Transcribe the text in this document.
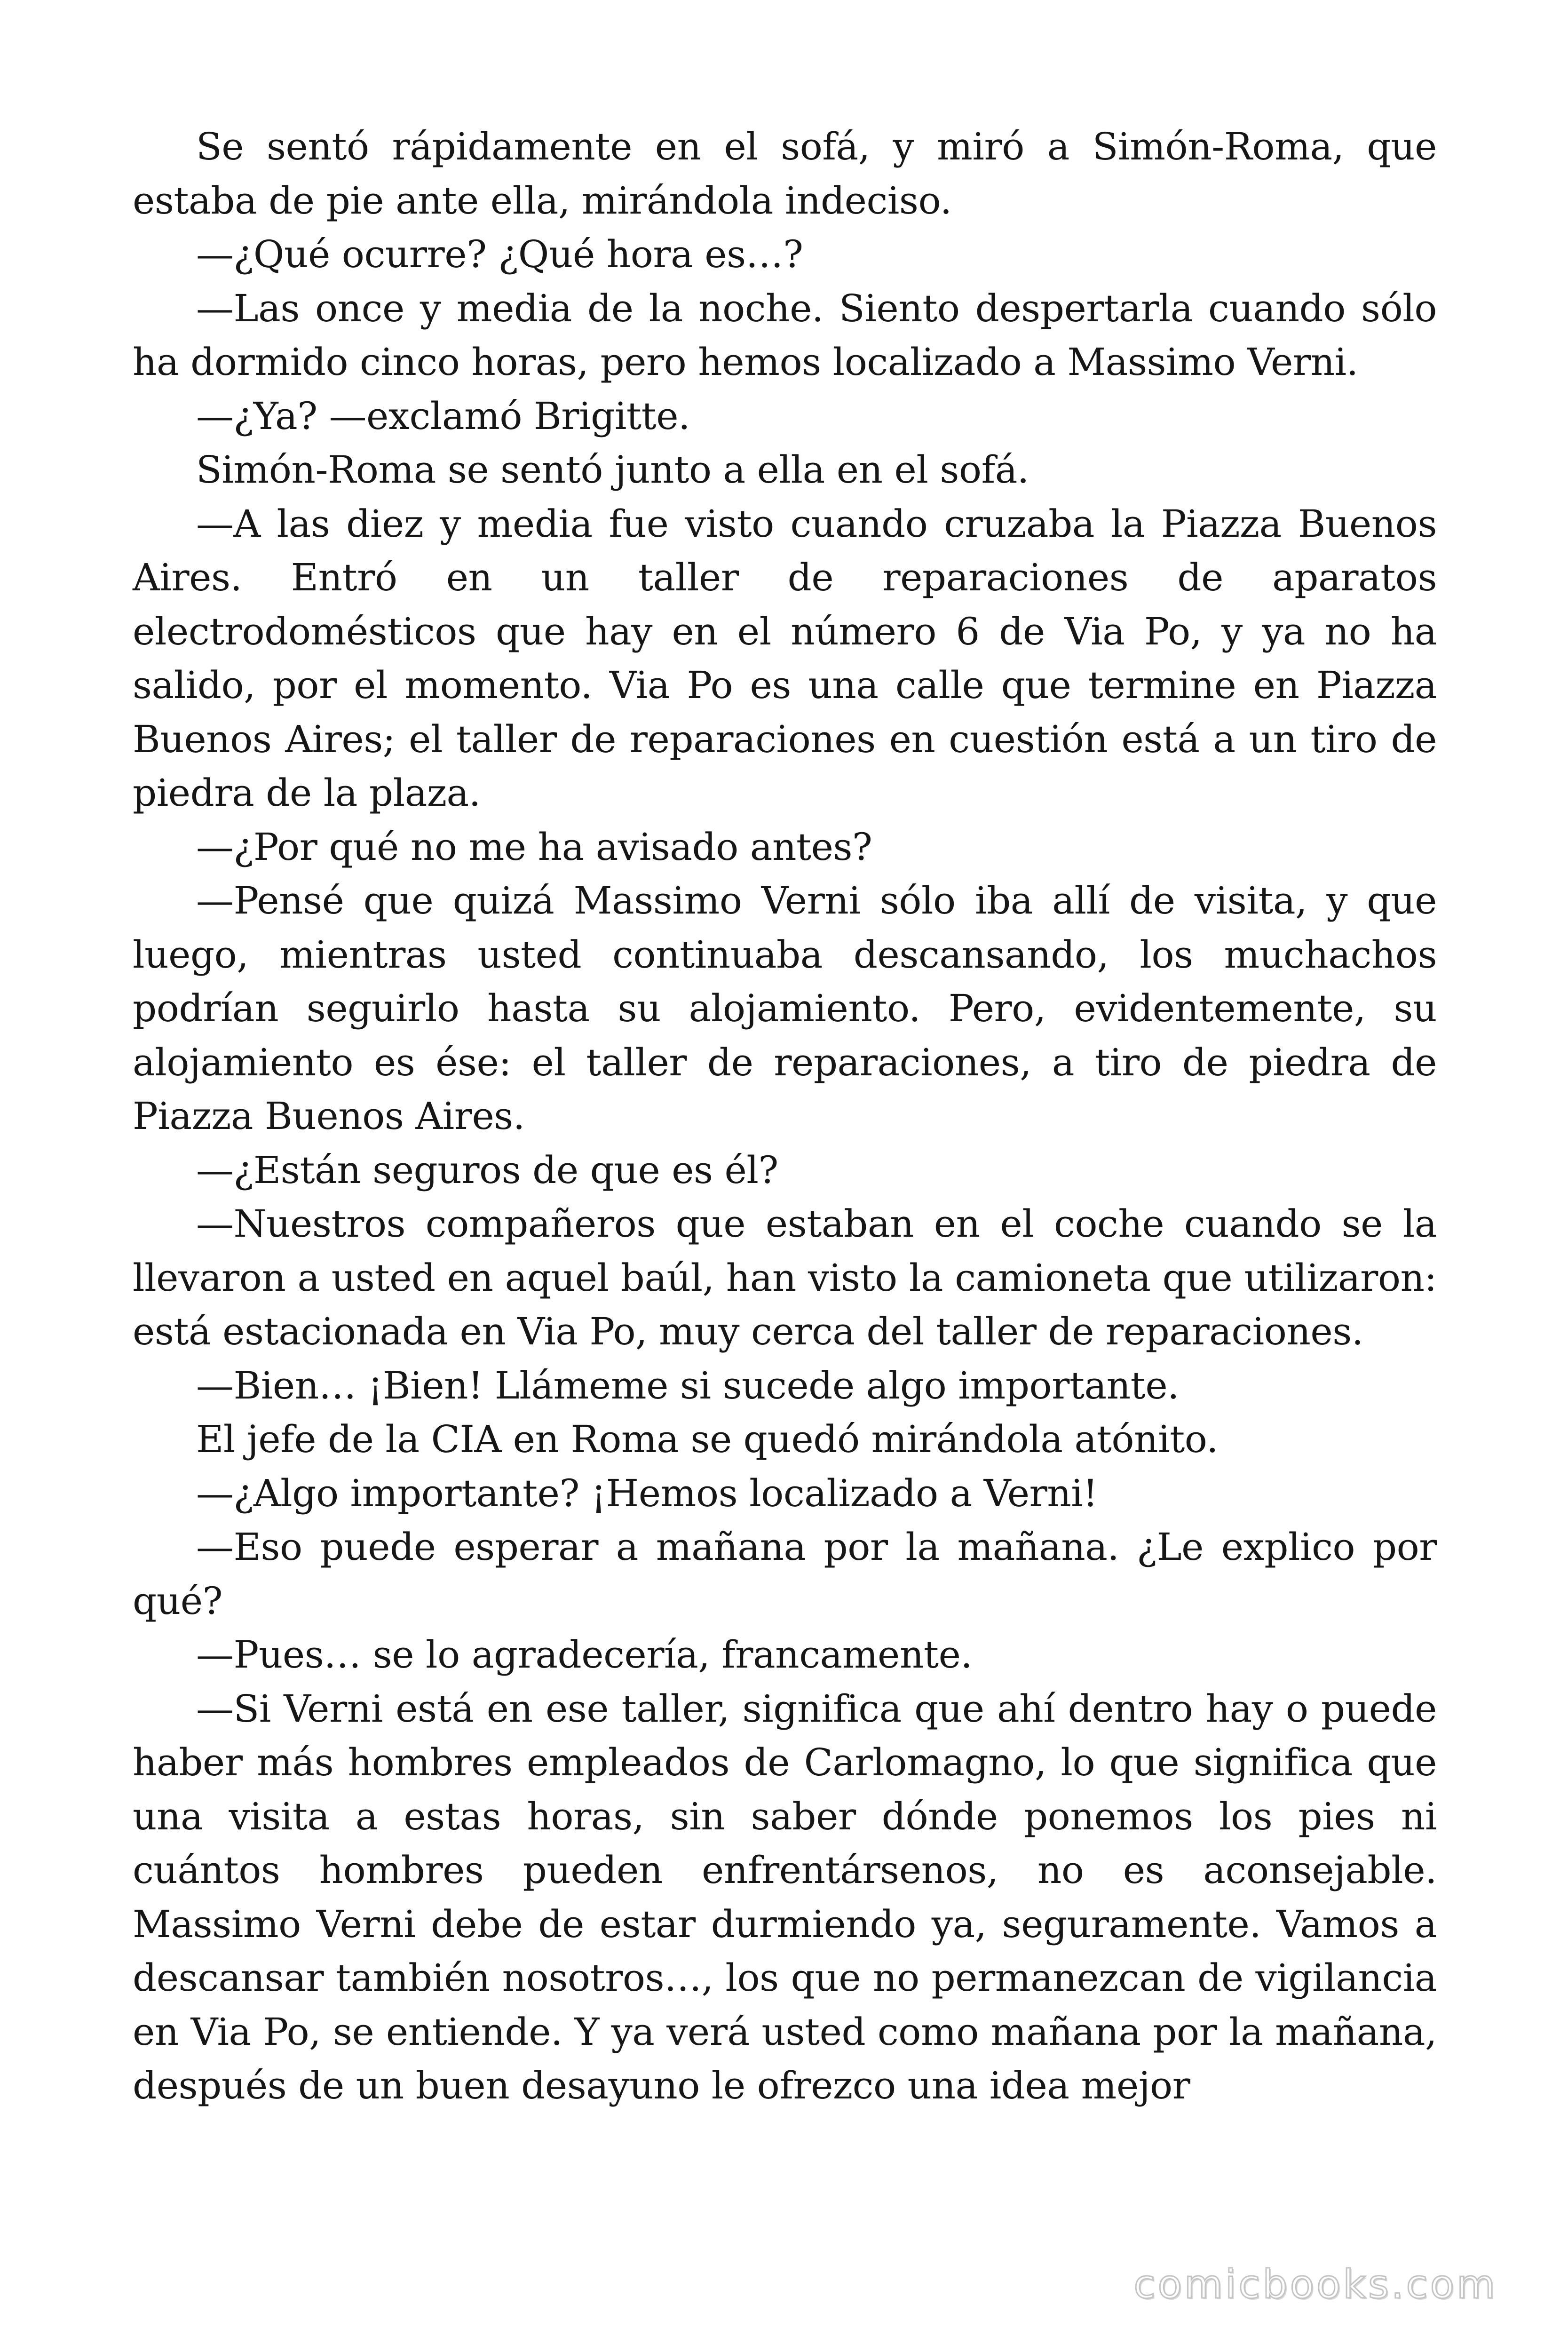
Se sentó rápidamente en el sofá, y miró a Simón-Roma, que estaba de pie ante ella, mirándola indeciso.

—¿Qué ocurre? ¿Qué hora es…?

—Las once y media de la noche. Siento despertarla cuando sólo ha dormido cinco horas, pero hemos localizado a Massimo Verni.

—¿Ya? —exclamó Brigitte.

Simón-Roma se sentó junto a ella en el sofá.

—A las diez y media fue visto cuando cruzaba la Piazza Buenos Aires. Entró en un taller de reparaciones de aparatos electrodomésticos que hay en el número 6 de Via Po, y ya no ha salido, por el momento. Via Po es una calle que termine en Piazza Buenos Aires; el taller de reparaciones en cuestión está a un tiro de piedra de la plaza.

—¿Por qué no me ha avisado antes?

—Pensé que quizá Massimo Verni sólo iba allí de visita, y que luego, mientras usted continuaba descansando, los muchachos podrían seguirlo hasta su alojamiento. Pero, evidentemente, su alojamiento es ése: el taller de reparaciones, a tiro de piedra de Piazza Buenos Aires.

—¿Están seguros de que es él?

—Nuestros compañeros que estaban en el coche cuando se la llevaron a usted en aquel baúl, han visto la camioneta que utilizaron: está estacionada en Via Po, muy cerca del taller de reparaciones.

—Bien… ¡Bien! Llámeme si sucede algo importante.

El jefe de la CIA en Roma se quedó mirándola atónito.

—¿Algo importante? ¡Hemos localizado a Verni!

—Eso puede esperar a mañana por la mañana. ¿Le explico por qué?

—Pues… se lo agradecería, francamente.

—Si Verni está en ese taller, significa que ahí dentro hay o puede haber más hombres empleados de Carlomagno, lo que significa que una visita a estas horas, sin saber dónde ponemos los pies ni cuántos hombres pueden enfrentársenos, no es aconsejable. Massimo Verni debe de estar durmiendo ya, seguramente. Vamos a descansar también nosotros…, los que no permanezcan de vigilancia en Via Po, se entiende. Y ya verá usted como mañana por la mañana, después de un buen desayuno le ofrezco una idea mejor

comicbooks.com
